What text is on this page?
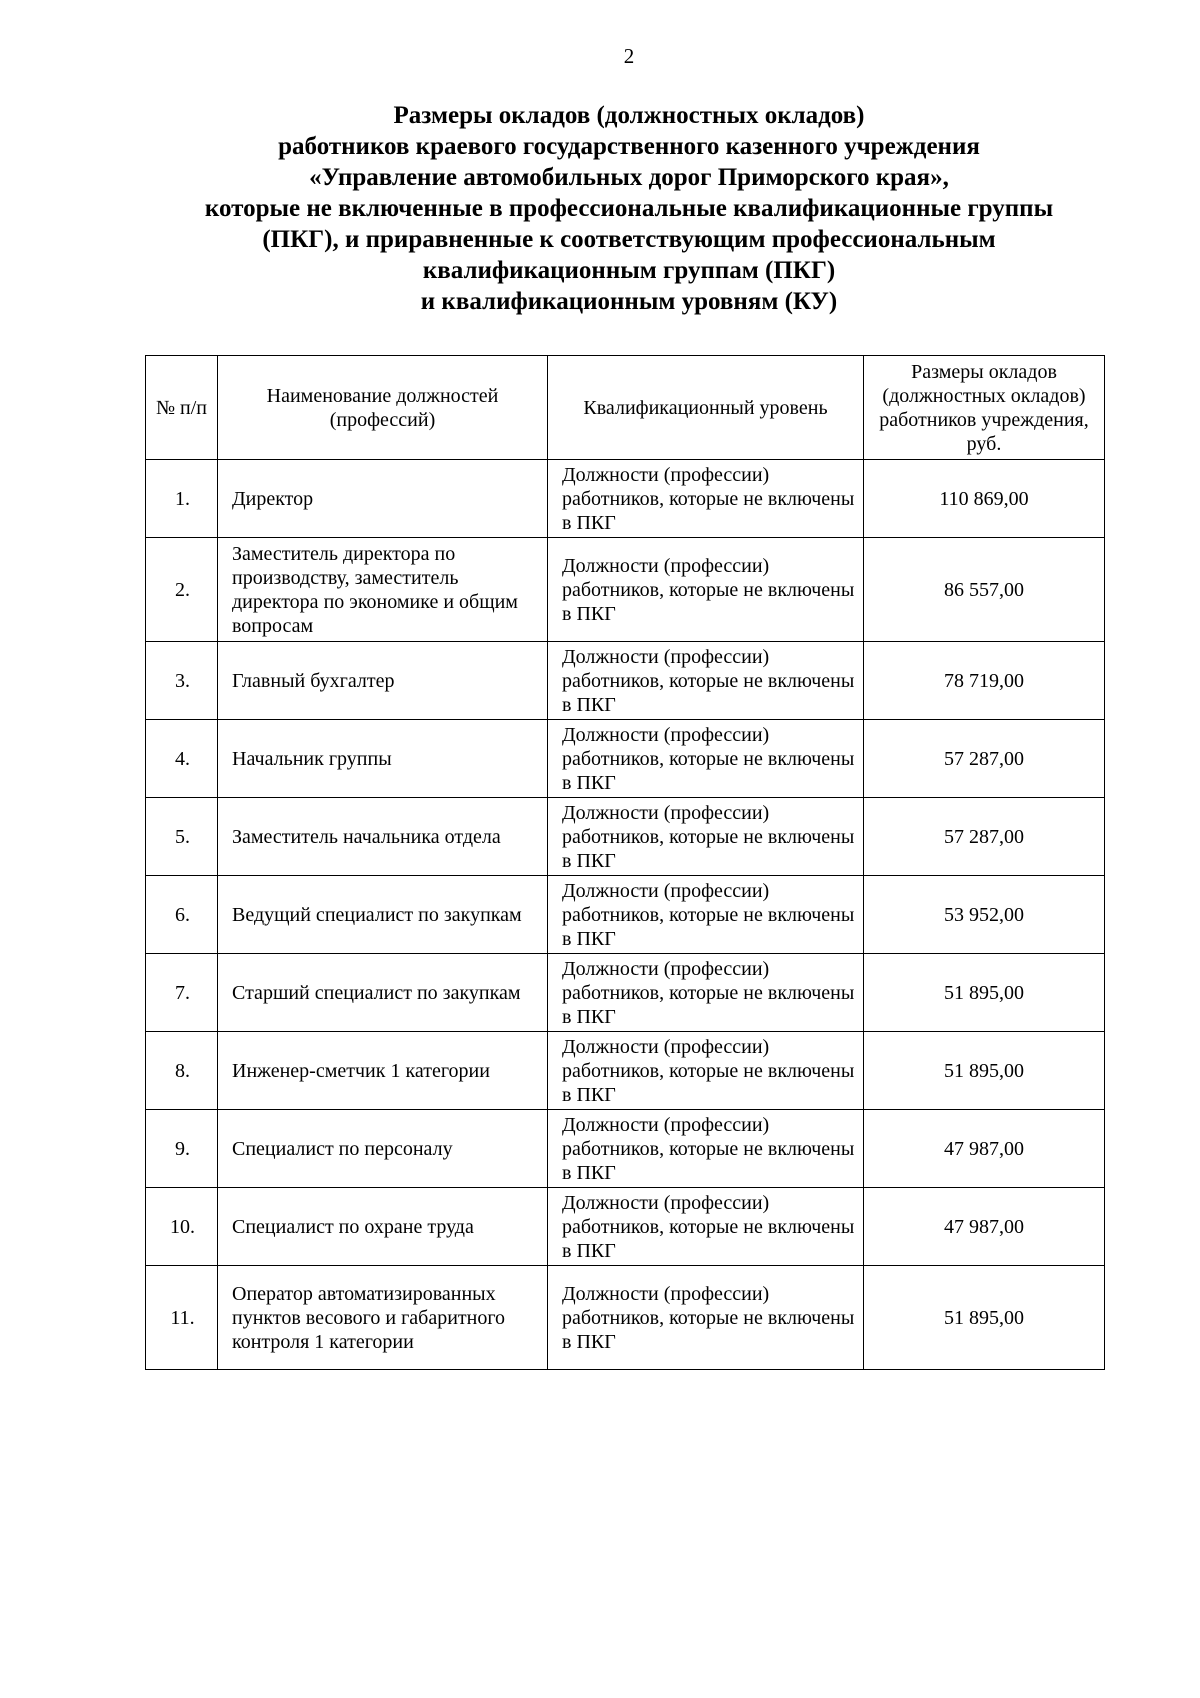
2
Размеры окладов (должностных окладов)
работников краевого государственного казенного учреждения
«Управление автомобильных дорог Приморского края»,
которые не включенные в профессиональные квалификационные группы
(ПКГ), и приравненные к соответствующим профессиональным
квалификационным группам (ПКГ)
и квалификационным уровням (КУ)
№ п/п	Наименование должностей (профессий)	Квалификационный уровень	Размеры окладов (должностных окладов) работников учреждения, руб.
1.	Директор	Должности (профессии) работников, которые не включены в ПКГ	110 869,00
2.	Заместитель директора по производству, заместитель директора по экономике и общим вопросам	Должности (профессии) работников, которые не включены в ПКГ	86 557,00
3.	Главный бухгалтер	Должности (профессии) работников, которые не включены в ПКГ	78 719,00
4.	Начальник группы	Должности (профессии) работников, которые не включены в ПКГ	57 287,00
5.	Заместитель начальника отдела	Должности (профессии) работников, которые не включены в ПКГ	57 287,00
6.	Ведущий специалист по закупкам	Должности (профессии) работников, которые не включены в ПКГ	53 952,00
7.	Старший специалист по закупкам	Должности (профессии) работников, которые не включены в ПКГ	51 895,00
8.	Инженер-сметчик 1 категории	Должности (профессии) работников, которые не включены в ПКГ	51 895,00
9.	Специалист по персоналу	Должности (профессии) работников, которые не включены в ПКГ	47 987,00
10.	Специалист по охране труда	Должности (профессии) работников, которые не включены в ПКГ	47 987,00
11.	Оператор автоматизированных пунктов весового и габаритного контроля 1 категории	Должности (профессии) работников, которые не включены в ПКГ	51 895,00
